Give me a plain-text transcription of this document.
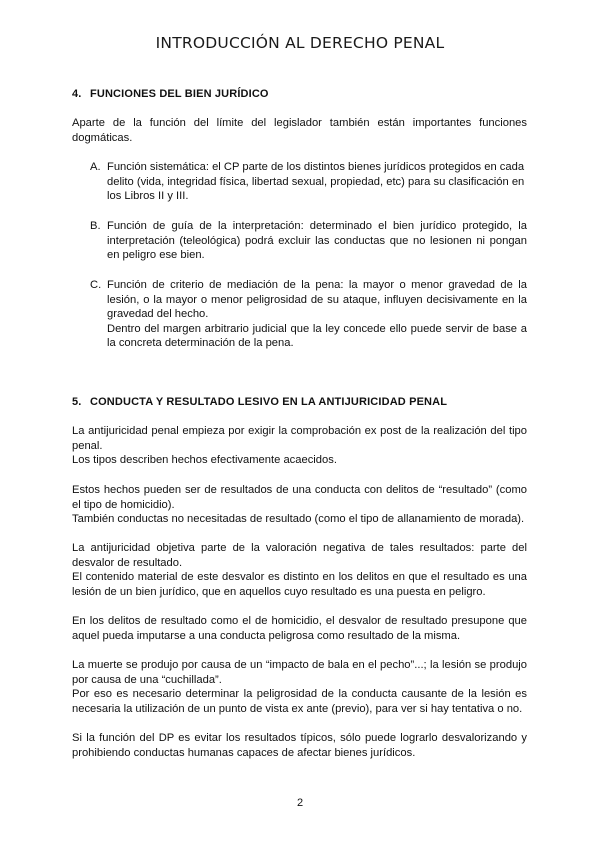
INTRODUCCIÓN AL DERECHO PENAL
4. FUNCIONES DEL BIEN JURÍDICO

Aparte de la función del límite del legislador también están importantes funciones dogmáticas.

A. Función sistemática: el CP parte de los distintos bienes jurídicos protegidos en cada delito (vida, integridad física, libertad sexual, propiedad, etc) para su clasificación en los Libros II y III.
B. Función de guía de la interpretación: determinado el bien jurídico protegido, la interpretación (teleológica) podrá excluir las conductas que no lesionen ni pongan en peligro ese bien.
C. Función de criterio de mediación de la pena: la mayor o menor gravedad de la lesión, o la mayor o menor peligrosidad de su ataque, influyen decisivamente en la gravedad del hecho.
Dentro del margen arbitrario judicial que la ley concede ello puede servir de base a la concreta determinación de la pena.
5. CONDUCTA Y RESULTADO LESIVO EN LA ANTIJURICIDAD PENAL
La antijuricidad penal empieza por exigir la comprobación ex post de la realización del tipo penal.
Los tipos describen hechos efectivamente acaecidos.
Estos hechos pueden ser de resultados de una conducta con delitos de “resultado” (como el tipo de homicidio).
También conductas no necesitadas de resultado (como el tipo de allanamiento de morada).
La antijuricidad objetiva parte de la valoración negativa de tales resultados: parte del desvalor de resultado.
El contenido material de este desvalor es distinto en los delitos en que el resultado es una lesión de un bien jurídico, que en aquellos cuyo resultado es una puesta en peligro.
En los delitos de resultado como el de homicidio, el desvalor de resultado presupone que aquel pueda imputarse a una conducta peligrosa como resultado de la misma.
La muerte se produjo por causa de un “impacto de bala en el pecho”...; la lesión se produjo por causa de una “cuchillada”.
Por eso es necesario determinar la peligrosidad de la conducta causante de la lesión es necesaria la utilización de un punto de vista ex ante (previo), para ver si hay tentativa o no.
Si la función del DP es evitar los resultados típicos, sólo puede lograrlo desvalorizando y prohibiendo conductas humanas capaces de afectar bienes jurídicos.
2
